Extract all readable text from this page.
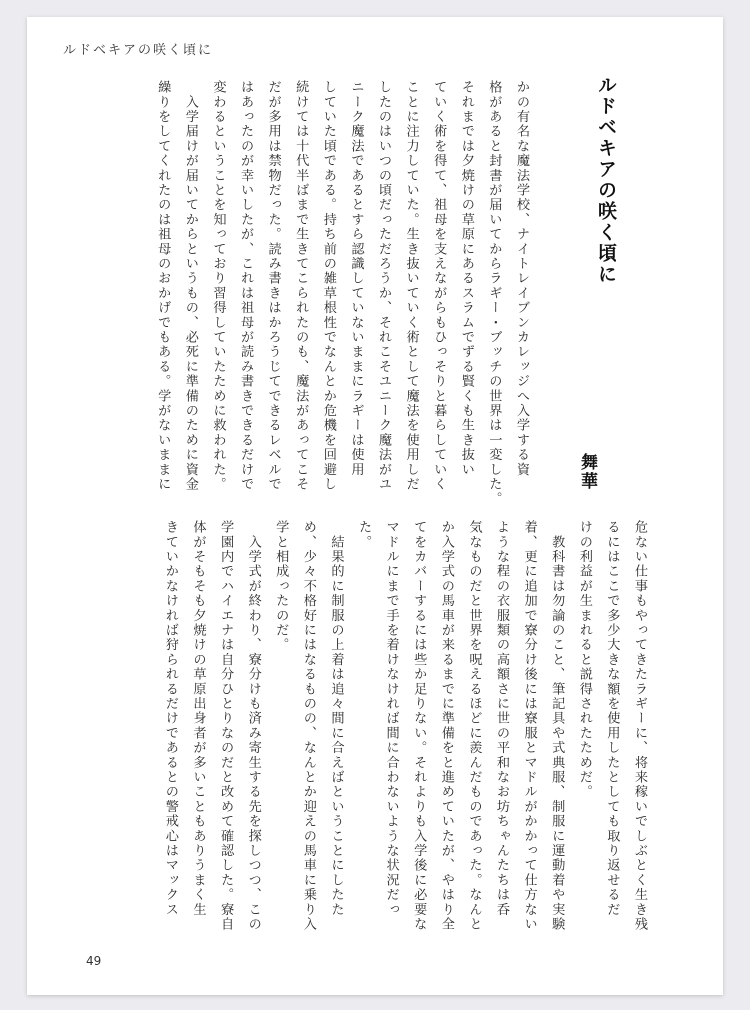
ルドベキアの咲く頃に
ルドベキアの咲く頃に
舞華
かの有名な魔法学校、ナイトレイブンカレッジへ入学する資
格があると封書が届いてからラギー・ブッチの世界は一変した。
それまでは夕焼けの草原にあるスラムでずる賢くも生き抜い
ていく術を得て、祖母を支えながらもひっそりと暮らしていく
ことに注力していた。生き抜いていく術として魔法を使用しだ
したのはいつの頃だっただろうか、それこそユニーク魔法がユ
ニーク魔法であるとすら認識していないままにラギーは使用
していた頃である。持ち前の雑草根性でなんとか危機を回避し
続けては十代半ばまで生きてこられたのも、魔法があってこそ
だが多用は禁物だった。読み書きはかろうじてできるレベルで
はあったのが幸いしたが、これは祖母が読み書きできるだけで
変わるということを知っており習得していたために救われた。
　入学届けが届いてからというもの、必死に準備のために資金
繰りをしてくれたのは祖母のおかげでもある。学がないままに
危ない仕事もやってきたラギーに、将来稼いでしぶとく生き残
るにはここで多少大きな額を使用したとしても取り返せるだ
けの利益が生まれると説得されたためだ。
　教科書は勿論のこと、筆記具や式典服、制服に運動着や実験
着、更に追加で寮分け後には寮服とマドルがかかって仕方ない
ような程の衣服類の高額さに世の平和なお坊ちゃんたちは呑
気なものだと世界を呪えるほどに羨んだものであった。なんと
か入学式の馬車が来るまでに準備をと進めていたが、やはり全
てをカバーするには些か足りない。それよりも入学後に必要な
マドルにまで手を着けなければ間に合わないような状況だっ
た。
　結果的に制服の上着は追々間に合えばということにしたた
め、少々不格好にはなるものの、なんとか迎えの馬車に乗り入
学と相成ったのだ。
　入学式が終わり、寮分けも済み寄生する先を探しつつ、この
学園内でハイエナは自分ひとりなのだと改めて確認した。寮自
体がそもそも夕焼けの草原出身者が多いこともありうまく生
きていかなければ狩られるだけであるとの警戒心はマックス
49
